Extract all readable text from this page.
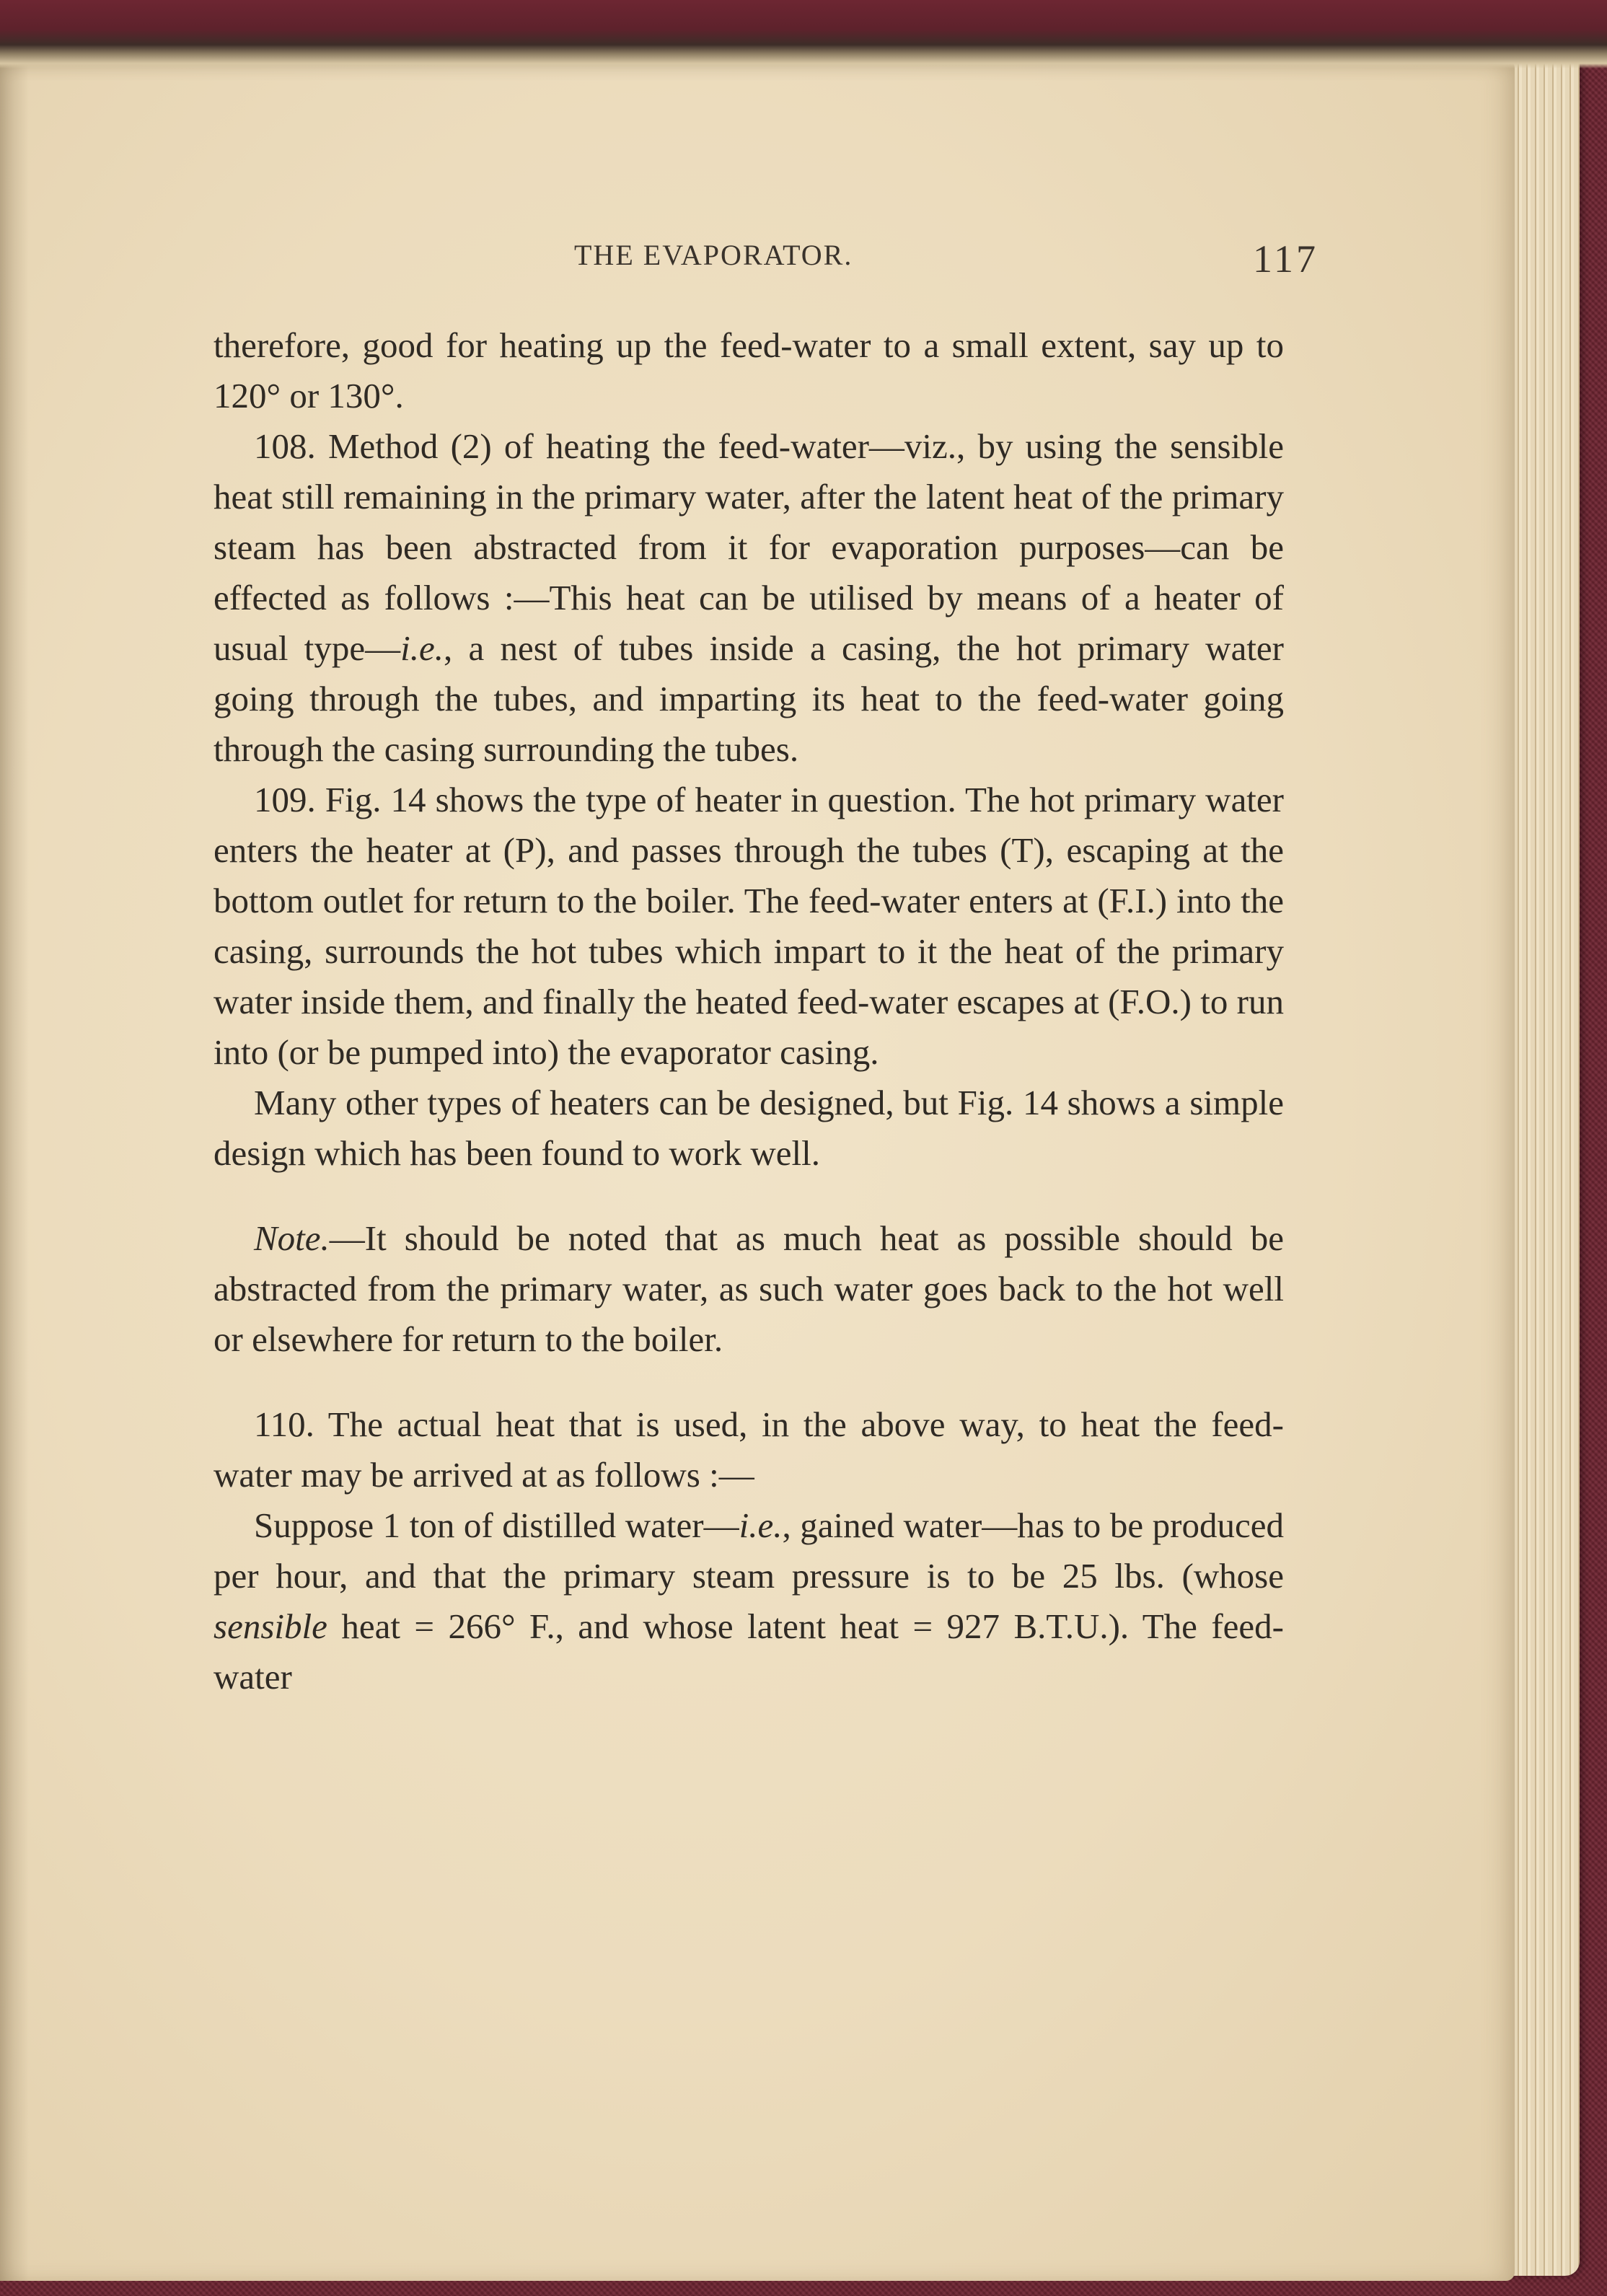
THE EVAPORATOR.	117

therefore, good for heating up the feed-water to a small extent, say up to 120° or 130°.

108. Method (2) of heating the feed-water—viz., by using the sensible heat still remaining in the primary water, after the latent heat of the primary steam has been abstracted from it for evaporation purposes—can be effected as follows :—This heat can be utilised by means of a heater of usual type—i.e., a nest of tubes inside a casing, the hot primary water going through the tubes, and imparting its heat to the feed-water going through the casing surrounding the tubes.

109. Fig. 14 shows the type of heater in question. The hot primary water enters the heater at (P), and passes through the tubes (T), escaping at the bottom outlet for return to the boiler. The feed-water enters at (F.I.) into the casing, surrounds the hot tubes which impart to it the heat of the primary water inside them, and finally the heated feed-water escapes at (F.O.) to run into (or be pumped into) the evaporator casing.

Many other types of heaters can be designed, but Fig. 14 shows a simple design which has been found to work well.

Note.—It should be noted that as much heat as possible should be abstracted from the primary water, as such water goes back to the hot well or elsewhere for return to the boiler.

110. The actual heat that is used, in the above way, to heat the feed-water may be arrived at as follows :—

Suppose 1 ton of distilled water—i.e., gained water—has to be produced per hour, and that the primary steam pressure is to be 25 lbs. (whose sensible heat = 266° F., and whose latent heat = 927 B.T.U.). The feed-water
